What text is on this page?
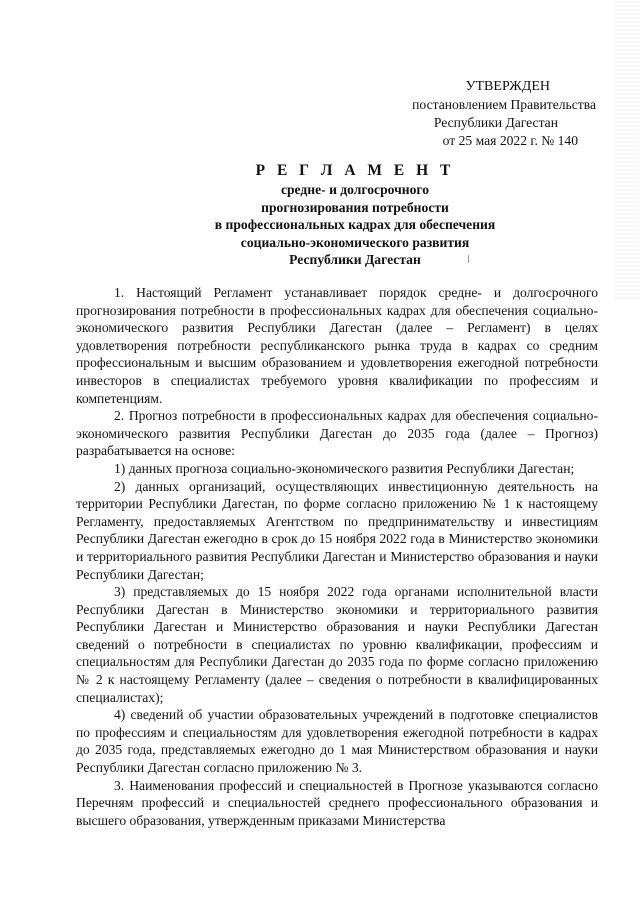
УТВЕРЖДЕН
постановлением Правительства
Республики Дагестан
от 25 мая 2022 г. № 140
Р Е Г Л А М Е Н Т
средне- и долгосрочного
прогнозирования потребности
в профессиональных кадрах для обеспечения
социально-экономического развития
Республики Дагестан

1. Настоящий Регламент устанавливает порядок средне- и долгосрочного прогнозирования потребности в профессиональных кадрах для обеспечения социально-экономического развития Республики Дагестан (далее – Регламент) в целях удовлетворения потребности республиканского рынка труда в кадрах со средним профессиональным и высшим образованием и удовлетворения ежегодной потребности инвесторов в специалистах требуемого уровня квалификации по профессиям и компетенциям.

2. Прогноз потребности в профессиональных кадрах для обеспечения социально-экономического развития Республики Дагестан до 2035 года (далее – Прогноз) разрабатывается на основе:

1) данных прогноза социально-экономического развития Республики Дагестан;

2) данных организаций, осуществляющих инвестиционную деятельность на территории Республики Дагестан, по форме согласно приложению № 1 к настоящему Регламенту, предоставляемых Агентством по предпринимательству и инвестициям Республики Дагестан ежегодно в срок до 15 ноября 2022 года в Министерство экономики и территориального развития Республики Дагестан и Министерство образования и науки Республики Дагестан;

3) представляемых до 15 ноября 2022 года органами исполнительной власти Республики Дагестан в Министерство экономики и территориального развития Республики Дагестан и Министерство образования и науки Республики Дагестан сведений о потребности в специалистах по уровню квалификации, профессиям и специальностям для Республики Дагестан до 2035 года по форме согласно приложению № 2 к настоящему Регламенту (далее – сведения о потребности в квалифицированных специалистах);

4) сведений об участии образовательных учреждений в подготовке специалистов по профессиям и специальностям для удовлетворения ежегодной потребности в кадрах до 2035 года, представляемых ежегодно до 1 мая Министерством образования и науки Республики Дагестан согласно приложению № 3.

3. Наименования профессий и специальностей в Прогнозе указываются согласно Перечням профессий и специальностей среднего профессионального образования и высшего образования, утвержденным приказами Министерства
